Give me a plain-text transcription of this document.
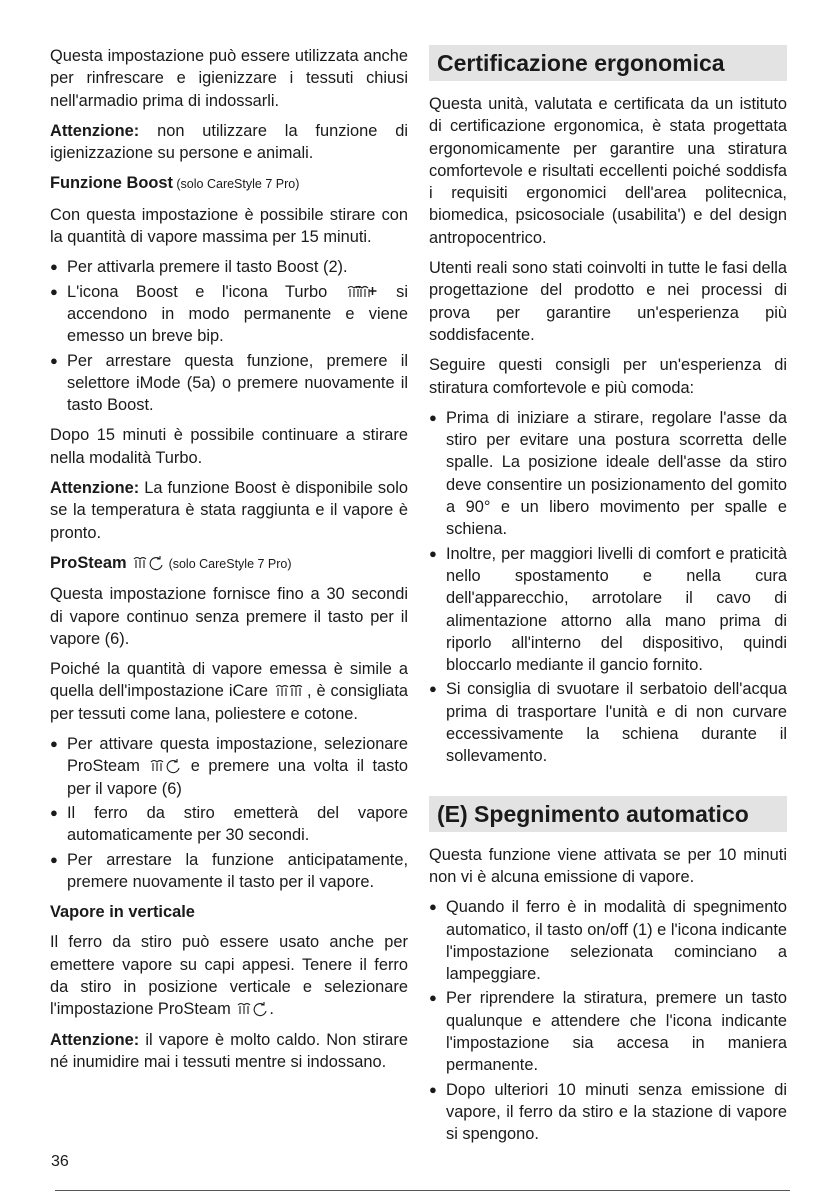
Questa impostazione può essere utilizzata anche per rinfrescare e igienizzare i tessuti chiusi nell'armadio prima di indossarli.

Attenzione: non utilizzare la funzione di igienizzazione su persone e animali.

Funzione Boost (solo CareStyle 7 Pro)

Con questa impostazione è possibile stirare con la quantità di vapore massima per 15 minuti.

● Per attivarla premere il tasto Boost (2).
● L'icona Boost e l'icona Turbo  si accendono in modo permanente e viene emesso un breve bip.
● Per arrestare questa funzione, premere il selettore iMode (5a) o premere nuovamente il tasto Boost.

Dopo 15 minuti è possibile continuare a stirare nella modalità Turbo.

Attenzione: La funzione Boost è disponibile solo se la temperatura è stata raggiunta e il vapore è pronto.

ProSteam	(solo CareStyle 7 Pro)

Questa impostazione fornisce fino a 30 secondi di vapore continuo senza premere il tasto per il vapore (6).

Poiché la quantità di vapore emessa è simile a quella dell'impostazione iCare , è consigliata per tessuti come lana, poliestere e cotone.

● Per attivare questa impostazione, selezionare ProSteam  e premere una volta il tasto per il vapore (6)
● Il ferro da stiro emetterà del vapore automaticamente per 30 secondi.
● Per arrestare la funzione anticipatamente, premere nuovamente il tasto per il vapore.
Vapore in verticale

Il ferro da stiro può essere usato anche per emettere vapore su capi appesi. Tenere il ferro da stiro in posizione verticale e selezionare l'impostazione ProSteam .

Attenzione: il vapore è molto caldo. Non stirare né inumidire mai i tessuti mentre si indossano.

Certificazione ergonomica

Questa unità, valutata e certificata da un istituto di certificazione ergonomica, è stata progettata ergonomicamente per garantire una stiratura comfortevole e risultati eccellenti poiché soddisfa i requisiti ergonomici dell'area politecnica, biomedica, psicosociale (usabilita') e del design antropocentrico.

Utenti reali sono stati coinvolti in tutte le fasi della progettazione del prodotto e nei processi di prova per garantire un'esperienza più soddisfacente.

Seguire questi consigli per un'esperienza di stiratura comfortevole e più comoda:

● Prima di iniziare a stirare, regolare l'asse da stiro per evitare una postura scorretta delle spalle. La posizione ideale dell'asse da stiro deve consentire un posizionamento del gomito a 90° e un libero movimento per spalle e schiena.
● Inoltre, per maggiori livelli di comfort e praticità nello spostamento e nella cura dell'apparecchio, arrotolare il cavo di alimentazione attorno alla mano prima di riporlo all'interno del dispositivo, quindi bloccarlo mediante il gancio fornito.
● Si consiglia di svuotare il serbatoio dell'acqua prima di trasportare l'unità e di non curvare eccessivamente la schiena durante il sollevamento.
(E) Spegnimento automatico

Questa funzione viene attivata se per 10 minuti non vi è alcuna emissione di vapore.

● Quando il ferro è in modalità di spegnimento automatico, il tasto on/off (1) e l'icona indicante l'impostazione selezionata cominciano a lampeggiare.
● Per riprendere la stiratura, premere un tasto qualunque e attendere che l'icona indicante l'impostazione sia accesa in maniera permanente.
● Dopo ulteriori 10 minuti senza emissione di vapore, il ferro da stiro e la stazione di vapore si spengono.
36
